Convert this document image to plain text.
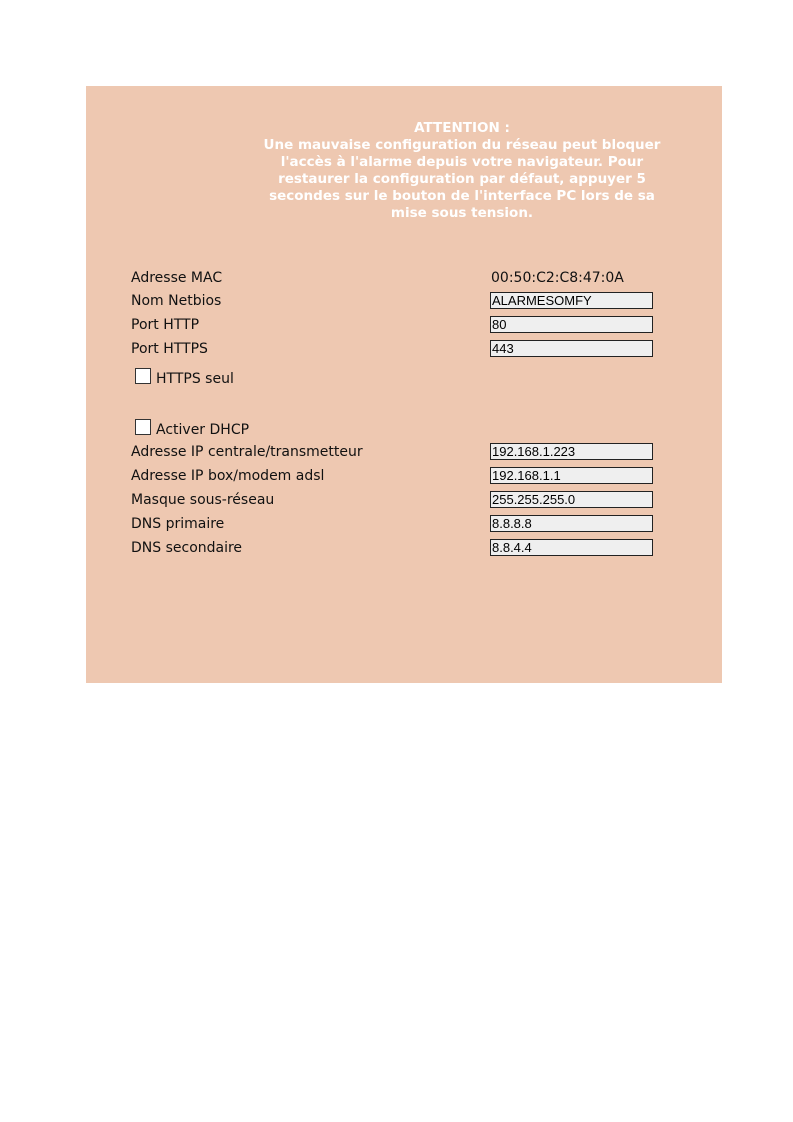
ATTENTION :
Une mauvaise configuration du réseau peut bloquer
l'accès à l'alarme depuis votre navigateur. Pour
restaurer la configuration par défaut, appuyer 5
secondes sur le bouton de l'interface PC lors de sa
mise sous tension.
Adresse MAC	00:50:C2:C8:47:0A
Nom Netbios
ALARMESOMFY
Port HTTP
80
Port HTTPS
443
HTTPS seul
Activer DHCP
Adresse IP centrale/transmetteur
192.168.1.223
Adresse IP box/modem adsl
192.168.1.1
Masque sous-réseau
255.255.255.0
DNS primaire
8.8.8.8
DNS secondaire
8.8.4.4
